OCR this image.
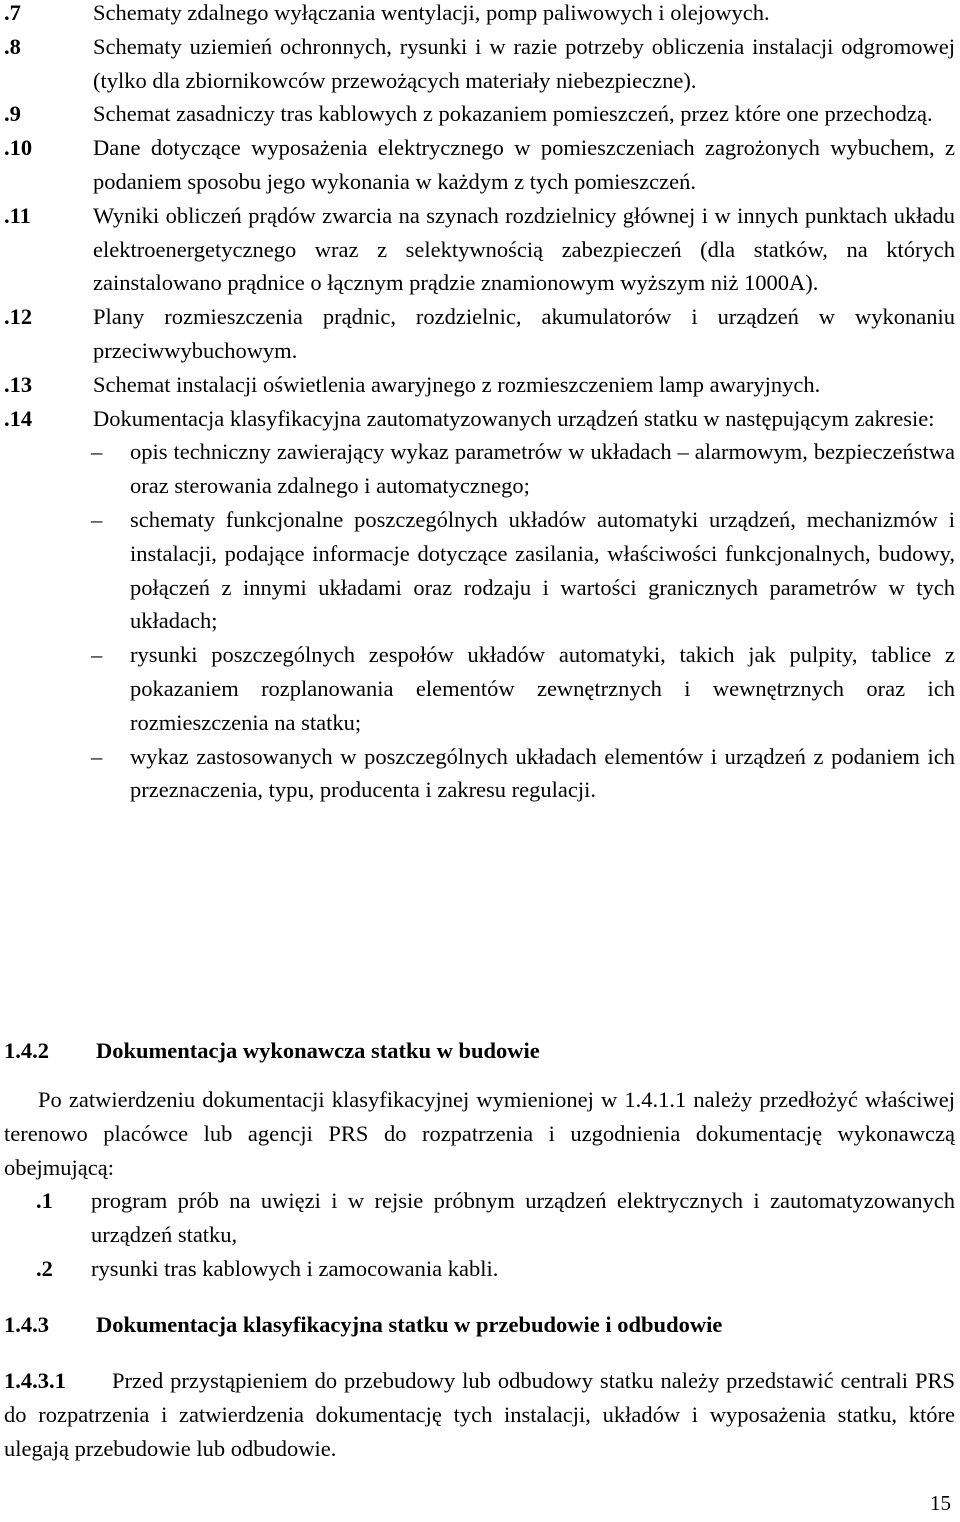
.7	Schematy zdalnego wyłączania wentylacji, pomp paliwowych i olejowych.
.8	Schematy uziemień ochronnych, rysunki i w razie potrzeby obliczenia instalacji odgromowej (tylko dla zbiornikowców przewożących materiały niebezpieczne).
.9	Schemat zasadniczy tras kablowych z pokazaniem pomieszczeń, przez które one przechodzą.
.10	Dane dotyczące wyposażenia elektrycznego w pomieszczeniach zagrożonych wybuchem, z podaniem sposobu jego wykonania w każdym z tych pomieszczeń.
.11	Wyniki obliczeń prądów zwarcia na szynach rozdzielnicy głównej i w innych punktach układu elektroenergetycznego wraz z selektywnością zabezpieczeń (dla statków, na których zainstalowano prądnice o łącznym prądzie znamionowym wyższym niż 1000A).
.12	Plany rozmieszczenia prądnic, rozdzielnic, akumulatorów i urządzeń w wykonaniu przeciwwybuchowym.
.13	Schemat instalacji oświetlenia awaryjnego z rozmieszczeniem lamp awaryjnych.
.14	Dokumentacja klasyfikacyjna zautomatyzowanych urządzeń statku w następującym zakresie:
– opis techniczny zawierający wykaz parametrów w układach – alarmowym, bezpieczeństwa oraz sterowania zdalnego i automatycznego;
– schematy funkcjonalne poszczególnych układów automatyki urządzeń, mechanizmów i instalacji, podające informacje dotyczące zasilania, właściwości funkcjonalnych, budowy, połączeń z innymi układami oraz rodzaju i wartości granicznych parametrów w tych układach;
– rysunki poszczególnych zespołów układów automatyki, takich jak pulpity, tablice z pokazaniem rozplanowania elementów zewnętrznych i wewnętrznych oraz ich rozmieszczenia na statku;
– wykaz zastosowanych w poszczególnych układach elementów i urządzeń z podaniem ich przeznaczenia, typu, producenta i zakresu regulacji.
1.4.2 Dokumentacja wykonawcza statku w budowie
Po zatwierdzeniu dokumentacji klasyfikacyjnej wymienionej w 1.4.1.1 należy przedłożyć właściwej terenowo placówce lub agencji PRS do rozpatrzenia i uzgodnienia dokumentację wykonawczą obejmującą:
.1 program prób na uwięzi i w rejsie próbnym urządzeń elektrycznych i zautomatyzowanych urządzeń statku,
.2 rysunki tras kablowych i zamocowania kabli.
1.4.3 Dokumentacja klasyfikacyjna statku w przebudowie i odbudowie
1.4.3.1 Przed przystąpieniem do przebudowy lub odbudowy statku należy przedstawić centrali PRS do rozpatrzenia i zatwierdzenia dokumentację tych instalacji, układów i wyposażenia statku, które ulegają przebudowie lub odbudowie.
15
